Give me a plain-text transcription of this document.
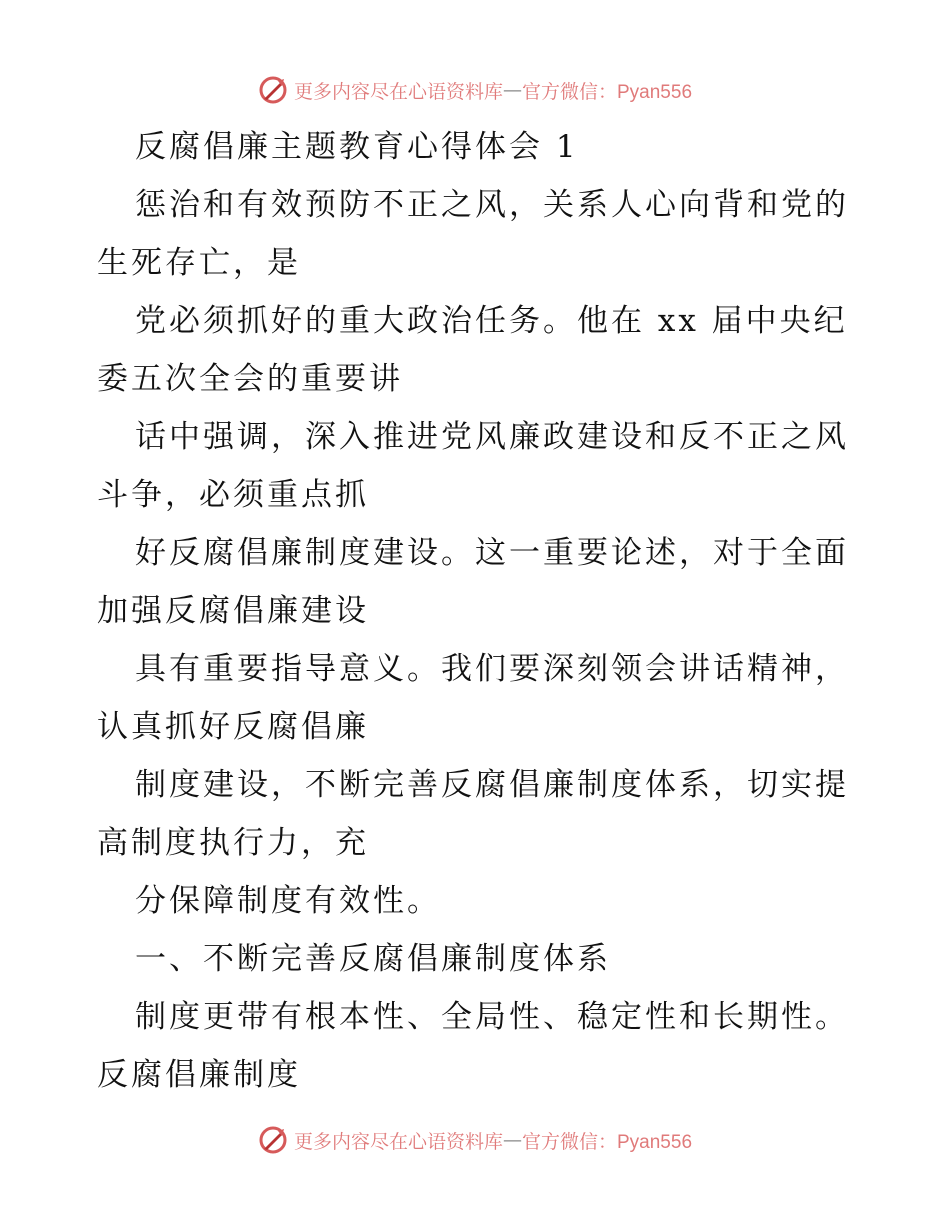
更多内容尽在心语资料库 — 官方微信：Pyan556
反腐倡廉主题教育心得体会 1
惩治和有效预防不正之风，关系人心向背和党的
生死存亡，是
党必须抓好的重大政治任务。他在 xx 届中央纪
委五次全会的重要讲
话中强调，深入推进党风廉政建设和反不正之风
斗争，必须重点抓
好反腐倡廉制度建设。这一重要论述，对于全面
加强反腐倡廉建设
具有重要指导意义。我们要深刻领会讲话精神，
认真抓好反腐倡廉
制度建设，不断完善反腐倡廉制度体系，切实提
高制度执行力，充
分保障制度有效性。
一、不断完善反腐倡廉制度体系
制度更带有根本性、全局性、稳定性和长期性。
反腐倡廉制度
更多内容尽在心语资料库 — 官方微信：Pyan556
